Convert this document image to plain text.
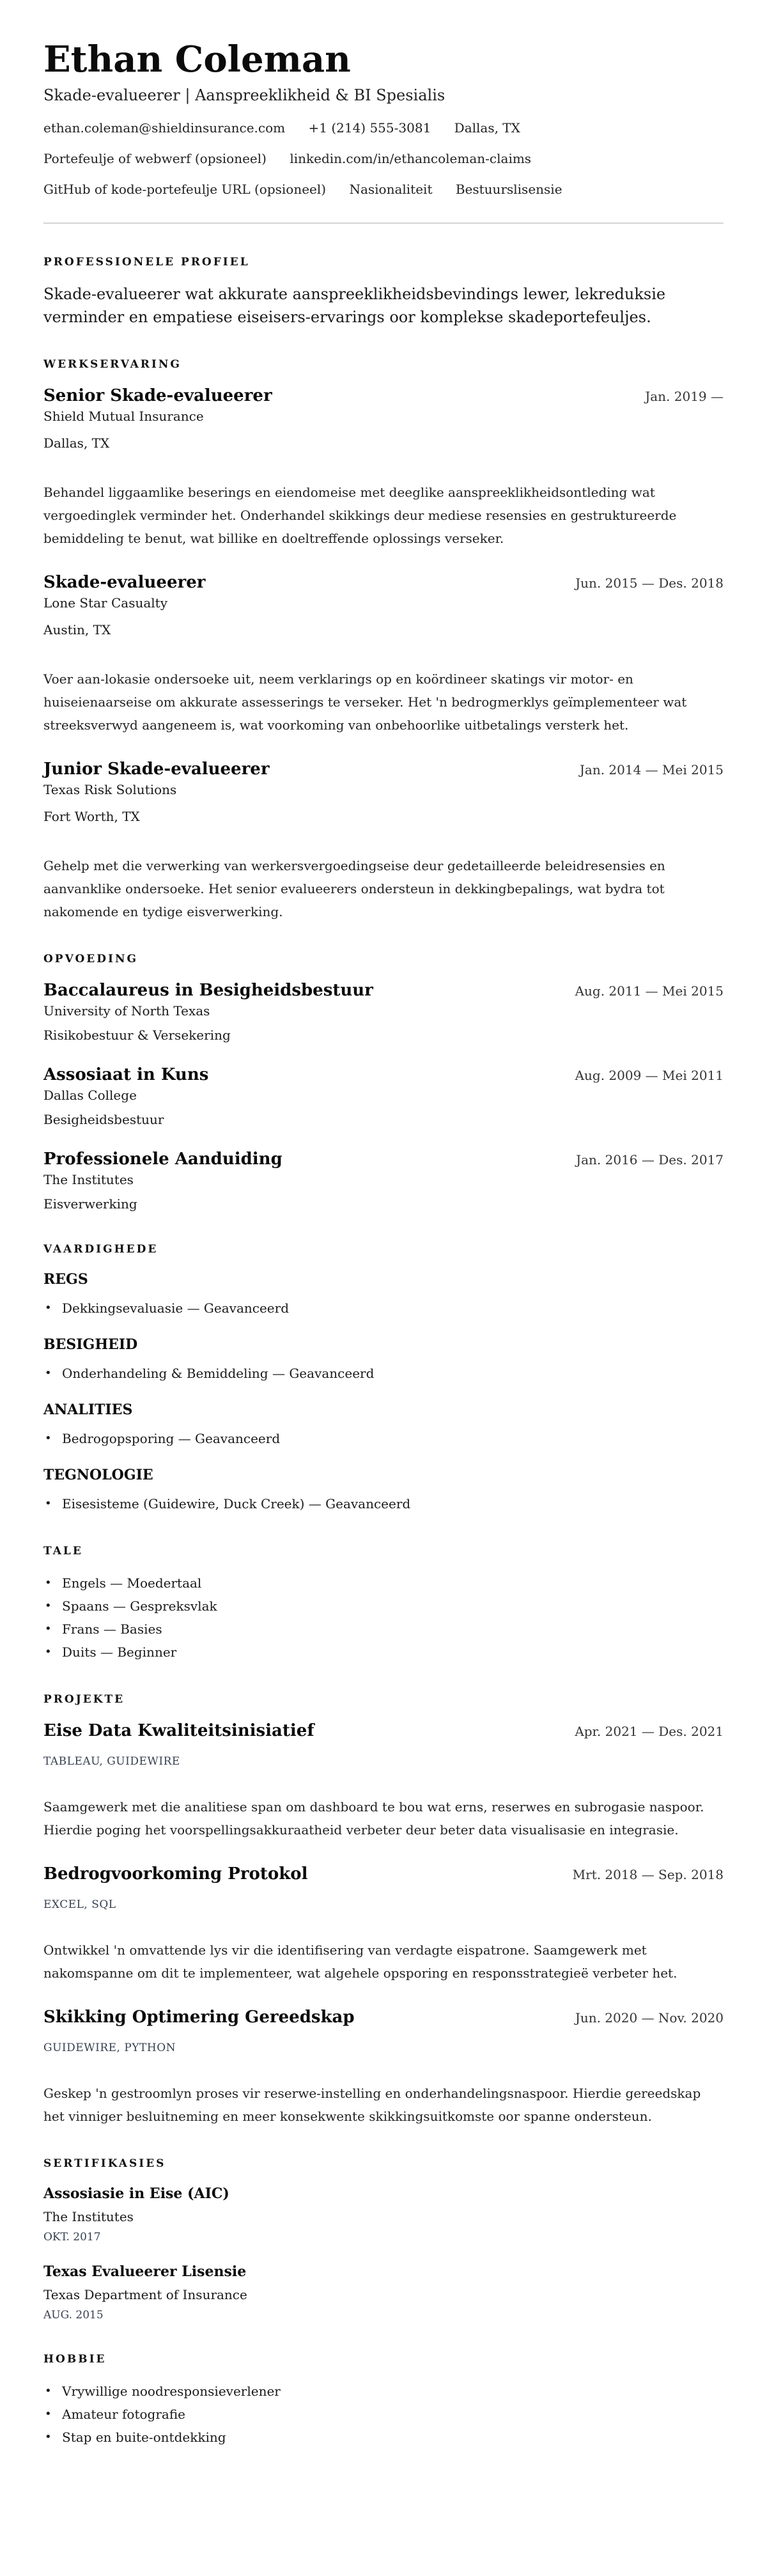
Ethan Coleman
Skade-evalueerer | Aanspreeklikheid & BI Spesialis
ethan.coleman@shieldinsurance.com +1 (214) 555-3081 Dallas, TX
Portefeulje of webwerf (opsioneel) linkedin.com/in/ethancoleman-claims
GitHub of kode-portefeulje URL (opsioneel) Nasionaliteit Bestuurslisensie
PROFESSIONELE PROFIEL

Skade-evalueerer wat akkurate aanspreeklikheidsbevindings lewer, lekreduksie verminder en empatiese eiseisers-ervarings oor komplekse skadeportefeuljes.

WERKSERVARING
Senior Skade-evalueerer	Jan. 2019 —

Shield Mutual Insurance

Dallas, TX

Behandel liggaamlike beserings en eiendomeise met deeglike aanspreeklikheidsontleding wat vergoedinglek verminder het. Onderhandel skikkings deur mediese resensies en gestruktureerde bemiddeling te benut, wat billike en doeltreffende oplossings verseker.

Skade-evalueerer	Jun. 2015 — Des. 2018

Lone Star Casualty

Austin, TX

Voer aan-lokasie ondersoeke uit, neem verklarings op en koördineer skatings vir motor- en huiseienaarseise om akkurate assesserings te verseker. Het 'n bedrogmerklys geïmplementeer wat streeksverwyd aangeneem is, wat voorkoming van onbehoorlike uitbetalings versterk het.

Junior Skade-evalueerer	Jan. 2014 — Mei 2015

Texas Risk Solutions

Fort Worth, TX

Gehelp met die verwerking van werkersvergoedingseise deur gedetailleerde beleidresensies en aanvanklike ondersoeke. Het senior evalueerers ondersteun in dekkingbepalings, wat bydra tot nakomende en tydige eisverwerking.

OPVOEDING
Baccalaureus in Besigheidsbestuur	Aug. 2011 — Mei 2015

University of North Texas

Risikobestuur & Versekering

Assosiaat in Kuns	Aug. 2009 — Mei 2011

Dallas College

Besigheidsbestuur

Professionele Aanduiding	Jan. 2016 — Des. 2017

The Institutes

Eisverwerking

VAARDIGHEDE
REGS
• Dekkingsevaluasie — Geavanceerd
BESIGHEID
• Onderhandeling & Bemiddeling — Geavanceerd
ANALITIES
• Bedrogopsporing — Geavanceerd
TEGNOLOGIE
• Eisesisteme (Guidewire, Duck Creek) — Geavanceerd
TALE
• Engels — Moedertaal
• Spaans — Gespreksvlak
• Frans — Basies
• Duits — Beginner
PROJEKTE
Eise Data Kwaliteitsinisiatief	Apr. 2021 — Des. 2021

TABLEAU, GUIDEWIRE

Saamgewerk met die analitiese span om dashboard te bou wat erns, reserwes en subrogasie naspoor. Hierdie poging het voorspellingsakkuraatheid verbeter deur beter data visualisasie en integrasie.

Bedrogvoorkoming Protokol	Mrt. 2018 — Sep. 2018

EXCEL, SQL

Ontwikkel 'n omvattende lys vir die identifisering van verdagte eispatrone. Saamgewerk met nakomspanne om dit te implementeer, wat algehele opsporing en responsstrategieë verbeter het.

Skikking Optimering Gereedskap	Jun. 2020 — Nov. 2020

GUIDEWIRE, PYTHON

Geskep 'n gestroomlyn proses vir reserwe-instelling en onderhandelingsnaspoor. Hierdie gereedskap het vinniger besluitneming en meer konsekwente skikkingsuitkomste oor spanne ondersteun.

SERTIFIKASIES
Assosiasie in Eise (AIC)

The Institutes

OKT. 2017

Texas Evalueerer Lisensie

Texas Department of Insurance

AUG. 2015

HOBBIE
• Vrywillige noodresponsieverlener
• Amateur fotografie
• Stap en buite-ontdekking
